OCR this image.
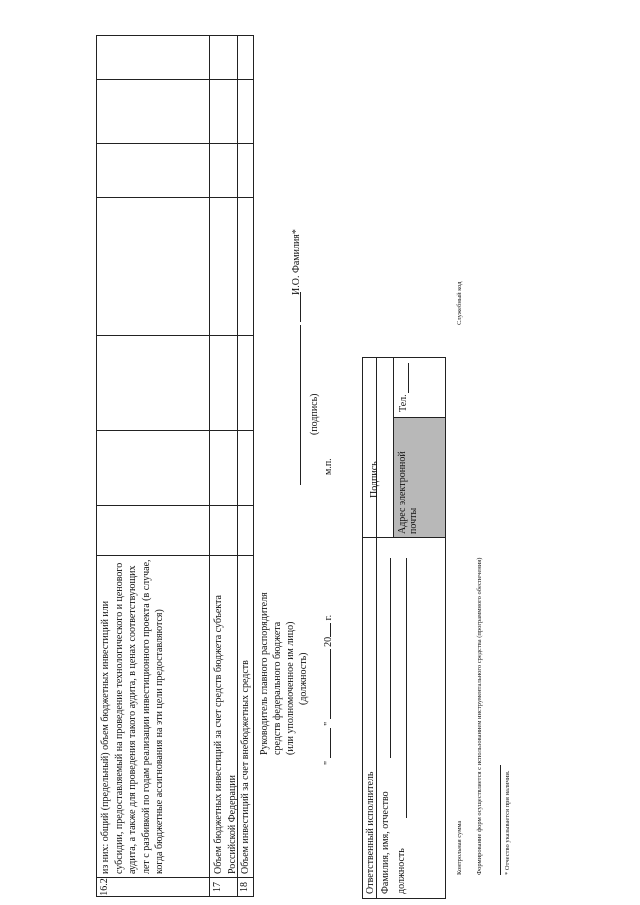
16.2
из них: общий (предельный) объем бюджетных инвестиций или субсидии, предоставляемый на проведение технологического и ценового аудита, а также для проведения такого аудита, в ценах соответствующих лет с разбивкой по годам реализации инвестиционного проекта (в случае, когда бюджетные ассигнования на эти цели предоставляются)
17
Объем бюджетных инвестиций за счет средств бюджета субъекта Российской Федерации
18
Объем инвестиций за счет внебюджетных средств Руководитель главного распорядителя средств федерального бюджета (или уполномоченное им лицо) (должность)
"  "  20 г.
м.п.
(подпись)
И.О. Фамилия*
Ответственный исполнитель Фамилия, имя, отчество должность
Подпись Адрес электронной почты
Тел.
Контрольная сумма
Служебный код
Формирование форм осуществляется с использованием инструментального средства (программного обеспечения)	* Отчество указывается при наличии.
